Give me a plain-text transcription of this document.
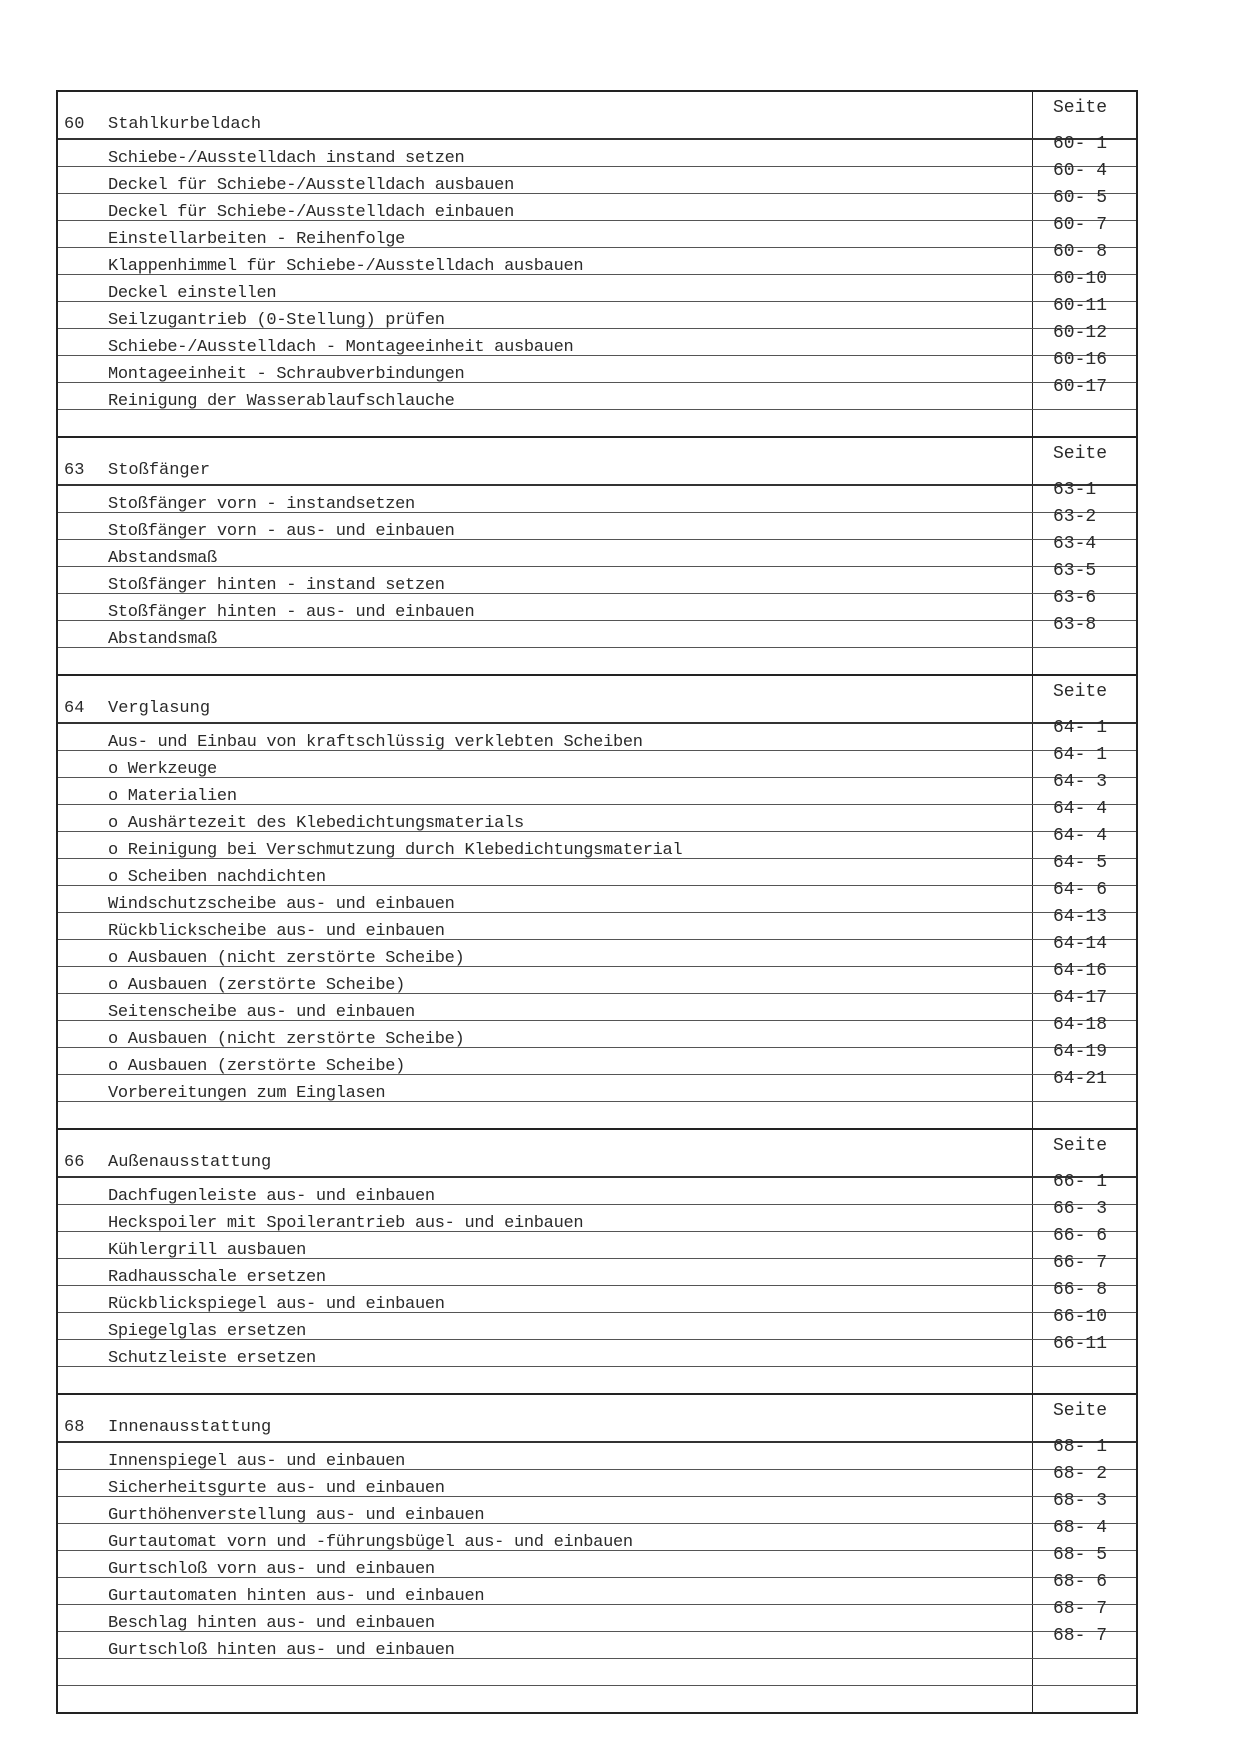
60 Stahlkurbeldach
Seite
Schiebe-/Ausstelldach instand setzen
60- 1
Deckel für Schiebe-/Ausstelldach ausbauen
60- 4
Deckel für Schiebe-/Ausstelldach einbauen
60- 5
Einstellarbeiten - Reihenfolge
60- 7
Klappenhimmel für Schiebe-/Ausstelldach ausbauen
60- 8
Deckel einstellen
60-10
Seilzugantrieb (0-Stellung) prüfen
60-11
Schiebe-/Ausstelldach - Montageeinheit ausbauen
60-12
Montageeinheit - Schraubverbindungen
60-16
Reinigung der Wasserablaufschlauche
60-17
63 Stoßfänger
Seite
Stoßfänger vorn - instandsetzen
63-1
Stoßfänger vorn - aus- und einbauen
63-2
Abstandsmaß
63-4
Stoßfänger hinten - instand setzen
63-5
Stoßfänger hinten - aus- und einbauen
63-6
Abstandsmaß
63-8
64 Verglasung
Seite
Aus- und Einbau von kraftschlüssig verklebten Scheiben
64- 1
o Werkzeuge
64- 1
o Materialien
64- 3
o Aushärtezeit des Klebedichtungsmaterials
64- 4
o Reinigung bei Verschmutzung durch Klebedichtungsmaterial
64- 4
o Scheiben nachdichten
64- 5
Windschutzscheibe aus- und einbauen
64- 6
Rückblickscheibe aus- und einbauen
64-13
o Ausbauen (nicht zerstörte Scheibe)
64-14
o Ausbauen (zerstörte Scheibe)
64-16
Seitenscheibe aus- und einbauen
64-17
o Ausbauen (nicht zerstörte Scheibe)
64-18
o Ausbauen (zerstörte Scheibe)
64-19
Vorbereitungen zum Einglasen
64-21
66 Außenausstattung
Seite
Dachfugenleiste aus- und einbauen
66- 1
Heckspoiler mit Spoilerantrieb aus- und einbauen
66- 3
Kühlergrill ausbauen
66- 6
Radhausschale ersetzen
66- 7
Rückblickspiegel aus- und einbauen
66- 8
Spiegelglas ersetzen
66-10
Schutzleiste ersetzen
66-11
68 Innenausstattung
Seite
Innenspiegel aus- und einbauen
68- 1
Sicherheitsgurte aus- und einbauen
68- 2
Gurthöhenverstellung aus- und einbauen
68- 3
Gurtautomat vorn und -führungsbügel aus- und einbauen
68- 4
Gurtschloß vorn aus- und einbauen
68- 5
Gurtautomaten hinten aus- und einbauen
68- 6
Beschlag hinten aus- und einbauen
68- 7
Gurtschloß hinten aus- und einbauen
68- 7
